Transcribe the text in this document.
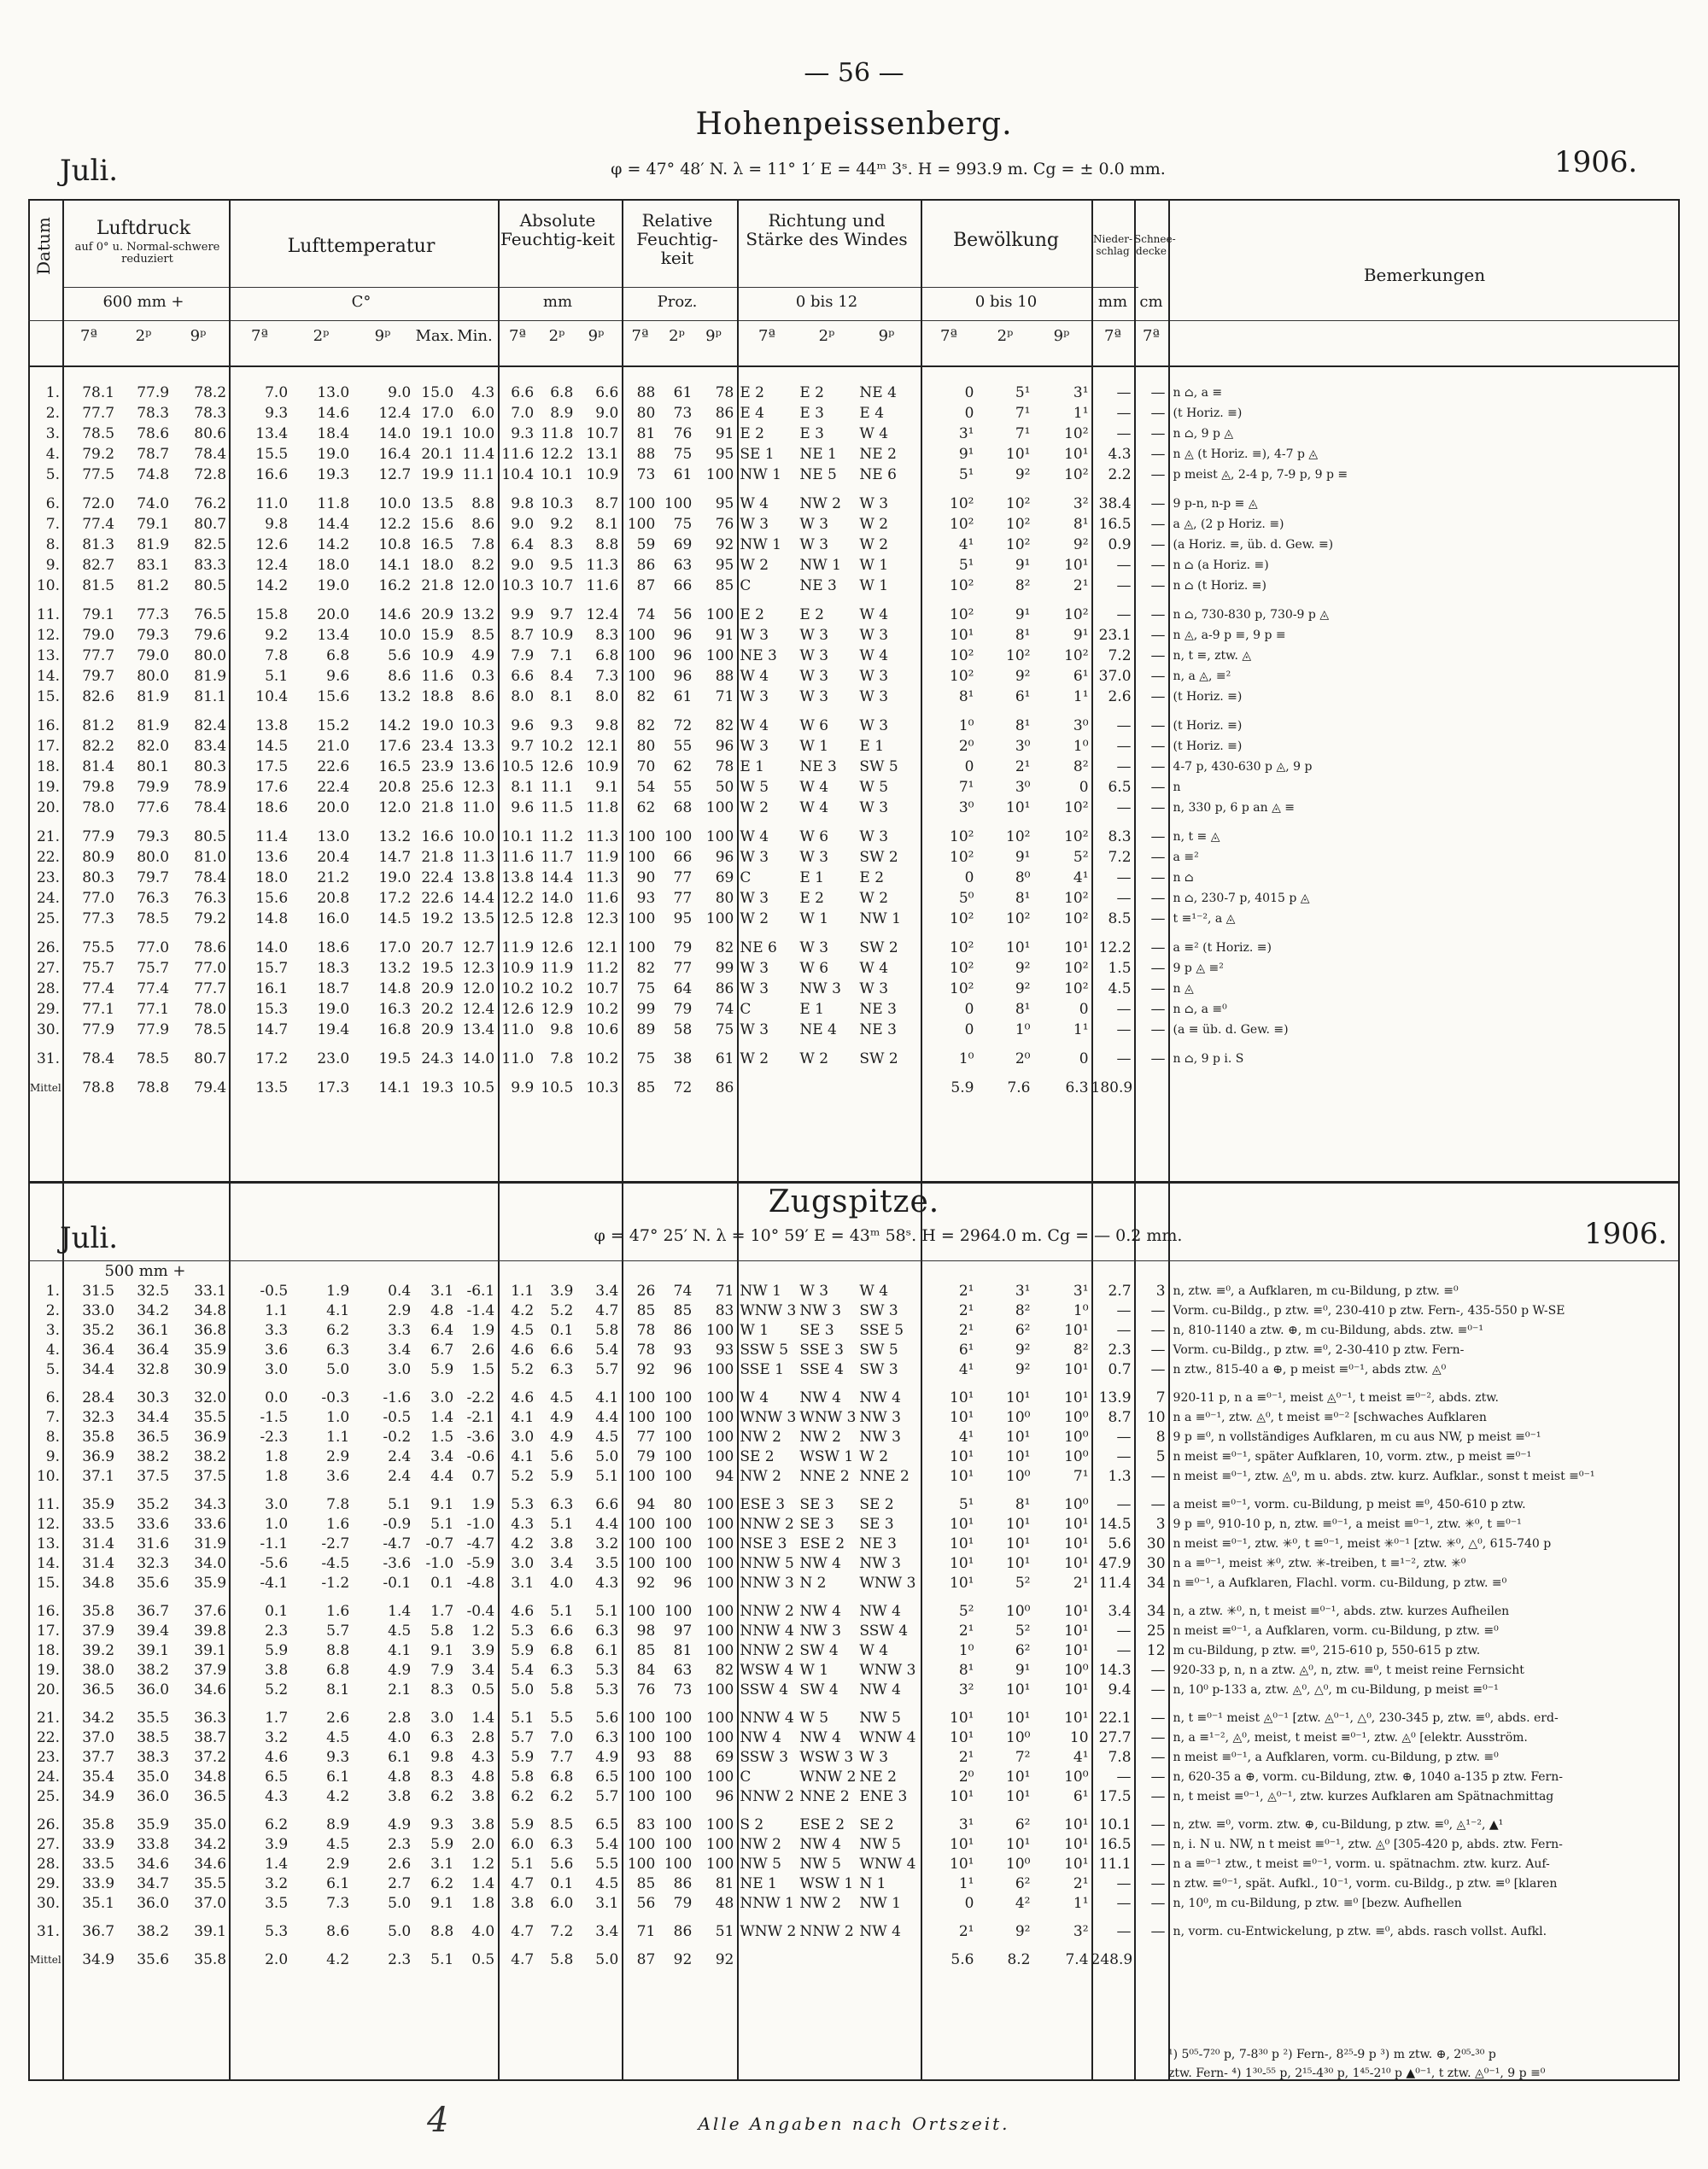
— 56 —
Hohenpeissenberg.
Juli.	φ = 47° 48′ N. λ = 11° 1′ E = 44ᵐ 3ˢ. H = 993.9 m. Cg = ± 0.0 mm.	1906.
Datum	Luftdruck
auf 0° u. Normal-schwere reduziert
600 mm +
Lufttemperatur
C°
Absolute Feuchtig-keit
mm
Relative Feuchtig-keit
Proz.
Richtung und Stärke des Windes
0 bis 12
Bewölkung
0 bis 10
Nieder-schlag
mm
Schnee-decke
cm
Bemerkungen
7ª	2ᵖ	9ᵖ	7ª	2ᵖ	9ᵖ	Max. Min.	7ª	2ᵖ	9ᵖ	7ª	2ᵖ	9ᵖ	7ª	2ᵖ	9ᵖ	7ª	2ᵖ	9ᵖ	7ª	7ª
1.	78.1	77.9	78.2	7.0	13.0	9.0	15.0	4.3	6.6	6.8	6.6	88	61	78	E 2	E 2	NE 4	0	5¹	3¹	—	—	n ⌂, a ≡
2.	77.7	78.3	78.3	9.3	14.6	12.4	17.0	6.0	7.0	8.9	9.0	80	73	86	E 4	E 3	E 4	0	7¹	1¹	—	—	(t Horiz. ≡)
3.	78.5	78.6	80.6	13.4	18.4	14.0	19.1	10.0	9.3	11.8	10.7	81	76	91	E 2	E 3	W 4	3¹	7¹	10²	—	—	n ⌂, 9 p ◬
4.	79.2	78.7	78.4	15.5	19.0	16.4	20.1	11.4	11.6	12.2	13.1	88	75	95	SE 1	NE 1	NE 2	9¹	10¹	10¹	4.3	—	n ◬ (t Horiz. ≡), 4-7 p ◬
5.	77.5	74.8	72.8	16.6	19.3	12.7	19.9	11.1	10.4	10.1	10.9	73	61	100	NW 1	NE 5	NE 6	5¹	9²	10²	2.2	—	p meist ◬, 2-4 p, 7-9 p, 9 p ≡
6.	72.0	74.0	76.2	11.0	11.8	10.0	13.5	8.8	9.8	10.3	8.7	100	100	95	W 4	NW 2	W 3	10²	10²	3²	38.4	—	9 p-n, n-p ≡ ◬
7.	77.4	79.1	80.7	9.8	14.4	12.2	15.6	8.6	9.0	9.2	8.1	100	75	76	W 3	W 3	W 2	10²	10²	8¹	16.5	—	a ◬, (2 p Horiz. ≡)
8.	81.3	81.9	82.5	12.6	14.2	10.8	16.5	7.8	6.4	8.3	8.8	59	69	92	NW 1	W 3	W 2	4¹	10²	9²	0.9	—	(a Horiz. ≡, üb. d. Gew. ≡)
9.	82.7	83.1	83.3	12.4	18.0	14.1	18.0	8.2	9.0	9.5	11.3	86	63	95	W 2	NW 1	W 1	5¹	9¹	10¹	—	—	n ⌂ (a Horiz. ≡)
10.	81.5	81.2	80.5	14.2	19.0	16.2	21.8	12.0	10.3	10.7	11.6	87	66	85	C	NE 3	W 1	10²	8²	2¹	—	—	n ⌂ (t Horiz. ≡)
11.	79.1	77.3	76.5	15.8	20.0	14.6	20.9	13.2	9.9	9.7	12.4	74	56	100	E 2	E 2	W 4	10²	9¹	10²	—	—	n ⌂, 730-830 p, 730-9 p ◬
12.	79.0	79.3	79.6	9.2	13.4	10.0	15.9	8.5	8.7	10.9	8.3	100	96	91	W 3	W 3	W 3	10¹	8¹	9¹	23.1	—	n ◬, a-9 p ≡, 9 p ≡
13.	77.7	79.0	80.0	7.8	6.8	5.6	10.9	4.9	7.9	7.1	6.8	100	96	100	NE 3	W 3	W 4	10²	10²	10²	7.2	—	n, t ≡, ztw. ◬
14.	79.7	80.0	81.9	5.1	9.6	8.6	11.6	0.3	6.6	8.4	7.3	100	96	88	W 4	W 3	W 3	10²	9²	6¹	37.0	—	n, a ◬, ≡²
15.	82.6	81.9	81.1	10.4	15.6	13.2	18.8	8.6	8.0	8.1	8.0	82	61	71	W 3	W 3	W 3	8¹	6¹	1¹	2.6	—	(t Horiz. ≡)
16.	81.2	81.9	82.4	13.8	15.2	14.2	19.0	10.3	9.6	9.3	9.8	82	72	82	W 4	W 6	W 3	1⁰	8¹	3⁰	—	—	(t Horiz. ≡)
17.	82.2	82.0	83.4	14.5	21.0	17.6	23.4	13.3	9.7	10.2	12.1	80	55	96	W 3	W 1	E 1	2⁰	3⁰	1⁰	—	—	(t Horiz. ≡)
18.	81.4	80.1	80.3	17.5	22.6	16.5	23.9	13.6	10.5	12.6	10.9	70	62	78	E 1	NE 3	SW 5	0	2¹	8²	—	—	4-7 p, 430-630 p ◬, 9 p
19.	79.8	79.9	78.9	17.6	22.4	20.8	25.6	12.3	8.1	11.1	9.1	54	55	50	W 5	W 4	W 5	7¹	3⁰	0	6.5	—	n
20.	78.0	77.6	78.4	18.6	20.0	12.0	21.8	11.0	9.6	11.5	11.8	62	68	100	W 2	W 4	W 3	3⁰	10¹	10²	—	—	n, 330 p, 6 p an ◬ ≡
21.	77.9	79.3	80.5	11.4	13.0	13.2	16.6	10.0	10.1	11.2	11.3	100	100	100	W 4	W 6	W 3	10²	10²	10²	8.3	—	n, t ≡ ◬
22.	80.9	80.0	81.0	13.6	20.4	14.7	21.8	11.3	11.6	11.7	11.9	100	66	96	W 3	W 3	SW 2	10²	9¹	5²	7.2	—	a ≡²
23.	80.3	79.7	78.4	18.0	21.2	19.0	22.4	13.8	13.8	14.4	11.3	90	77	69	C	E 1	E 2	0	8⁰	4¹	—	—	n ⌂
24.	77.0	76.3	76.3	15.6	20.8	17.2	22.6	14.4	12.2	14.0	11.6	93	77	80	W 3	E 2	W 2	5⁰	8¹	10²	—	—	n ⌂, 230-7 p, 4015 p ◬
25.	77.3	78.5	79.2	14.8	16.0	14.5	19.2	13.5	12.5	12.8	12.3	100	95	100	W 2	W 1	NW 1	10²	10²	10²	8.5	—	t ≡¹⁻², a ◬
26.	75.5	77.0	78.6	14.0	18.6	17.0	20.7	12.7	11.9	12.6	12.1	100	79	82	NE 6	W 3	SW 2	10²	10¹	10¹	12.2	—	a ≡² (t Horiz. ≡)
27.	75.7	75.7	77.0	15.7	18.3	13.2	19.5	12.3	10.9	11.9	11.2	82	77	99	W 3	W 6	W 4	10²	9²	10²	1.5	—	9 p ◬ ≡²
28.	77.4	77.4	77.7	16.1	18.7	14.8	20.9	12.0	10.2	10.2	10.7	75	64	86	W 3	NW 3	W 3	10²	9²	10²	4.5	—	n ◬
29.	77.1	77.1	78.0	15.3	19.0	16.3	20.2	12.4	12.6	12.9	10.2	99	79	74	C	E 1	NE 3	0	8¹	0	—	—	n ⌂, a ≡⁰
30.	77.9	77.9	78.5	14.7	19.4	16.8	20.9	13.4	11.0	9.8	10.6	89	58	75	W 3	NE 4	NE 3	0	1⁰	1¹	—	—	(a ≡ üb. d. Gew. ≡)
31.	78.4	78.5	80.7	17.2	23.0	19.5	24.3	14.0	11.0	7.8	10.2	75	38	61	W 2	W 2	SW 2	1⁰	2⁰	0	—	—	n ⌂, 9 p i. S
Mittel	78.8	78.8	79.4	13.5	17.3	14.1	19.3	10.5	9.9	10.5	10.3	85	72	86				5.9	7.6	6.3	180.9		
Zugspitze.
Juli.	φ = 47° 25′ N. λ = 10° 59′ E = 43ᵐ 58ˢ. H = 2964.0 m. Cg = — 0.2 mm.	1906.
500 mm +
1.	31.5	32.5	33.1	-0.5	1.9	0.4	3.1	-6.1	1.1	3.9	3.4	26	74	71	NW 1	W 3	W 4	2¹	3¹	3¹	2.7	3	n, ztw. ≡⁰, a Aufklaren, m cu-Bildung, p ztw. ≡⁰
2.	33.0	34.2	34.8	1.1	4.1	2.9	4.8	-1.4	4.2	5.2	4.7	85	85	83	WNW 3	NW 3	SW 3	2¹	8²	1⁰	—	—	Vorm. cu-Bildg., p ztw. ≡⁰, 230-410 p ztw. Fern-, 435-550 p W-SE
3.	35.2	36.1	36.8	3.3	6.2	3.3	6.4	1.9	4.5	0.1	5.8	78	86	100	W 1	SE 3	SSE 5	2¹	6²	10¹	—	—	n, 810-1140 a ztw. ⊕, m cu-Bildung, abds. ztw. ≡⁰⁻¹
4.	36.4	36.4	35.9	3.6	6.3	3.4	6.7	2.6	4.6	6.6	5.4	78	93	93	SSW 5	SSE 3	SW 5	6¹	9²	8²	2.3	—	Vorm. cu-Bildg., p ztw. ≡⁰, 2-30-410 p ztw. Fern-
5.	34.4	32.8	30.9	3.0	5.0	3.0	5.9	1.5	5.2	6.3	5.7	92	96	100	SSE 1	SSE 4	SW 3	4¹	9²	10¹	0.7	—	n ztw., 815-40 a ⊕, p meist ≡⁰⁻¹, abds ztw. ◬⁰
6.	28.4	30.3	32.0	0.0	-0.3	-1.6	3.0	-2.2	4.6	4.5	4.1	100	100	100	W 4	NW 4	NW 4	10¹	10¹	10¹	13.9	7	920-11 p, n a ≡⁰⁻¹, meist ◬⁰⁻¹, t meist ≡⁰⁻², abds. ztw.
7.	32.3	34.4	35.5	-1.5	1.0	-0.5	1.4	-2.1	4.1	4.9	4.4	100	100	100	WNW 3	WNW 3	NW 3	10¹	10⁰	10⁰	8.7	10	n a ≡⁰⁻¹, ztw. ◬⁰, t meist ≡⁰⁻² [schwaches Aufklaren
8.	35.8	36.5	36.9	-2.3	1.1	-0.2	1.5	-3.6	3.0	4.9	4.5	77	100	100	NW 2	NW 2	NW 3	4¹	10¹	10⁰	—	8	9 p ≡⁰, n vollständiges Aufklaren, m cu aus NW, p meist ≡⁰⁻¹
9.	36.9	38.2	38.2	1.8	2.9	2.4	3.4	-0.6	4.1	5.6	5.0	79	100	100	SE 2	WSW 1	W 2	10¹	10¹	10⁰	—	5	n meist ≡⁰⁻¹, später Aufklaren, 10, vorm. ztw., p meist ≡⁰⁻¹
10.	37.1	37.5	37.5	1.8	3.6	2.4	4.4	0.7	5.2	5.9	5.1	100	100	94	NW 2	NNE 2	NNE 2	10¹	10⁰	7¹	1.3	—	n meist ≡⁰⁻¹, ztw. ◬⁰, m u. abds. ztw. kurz. Aufklar., sonst t meist ≡⁰⁻¹
11.	35.9	35.2	34.3	3.0	7.8	5.1	9.1	1.9	5.3	6.3	6.6	94	80	100	ESE 3	SE 3	SE 2	5¹	8¹	10⁰	—	—	a meist ≡⁰⁻¹, vorm. cu-Bildung, p meist ≡⁰, 450-610 p ztw.
12.	33.5	33.6	33.6	1.0	1.6	-0.9	5.1	-1.0	4.3	5.1	4.4	100	100	100	NNW 2	SE 3	SE 3	10¹	10¹	10¹	14.5	3	9 p ≡⁰, 910-10 p, n, ztw. ≡⁰⁻¹, a meist ≡⁰⁻¹, ztw. ✳⁰, t ≡⁰⁻¹
13.	31.4	31.6	31.9	-1.1	-2.7	-4.7	-0.7	-4.7	4.2	3.8	3.2	100	100	100	NSE 3	ESE 2	NE 3	10¹	10¹	10¹	5.6	30	n meist ≡⁰⁻¹, ztw. ✳⁰, t ≡⁰⁻¹, meist ✳⁰⁻¹ [ztw. ✳⁰, △⁰, 615-740 p
14.	31.4	32.3	34.0	-5.6	-4.5	-3.6	-1.0	-5.9	3.0	3.4	3.5	100	100	100	NNW 5	NW 4	NW 3	10¹	10¹	10¹	47.9	30	n a ≡⁰⁻¹, meist ✳⁰, ztw. ✳-treiben, t ≡¹⁻², ztw. ✳⁰
15.	34.8	35.6	35.9	-4.1	-1.2	-0.1	0.1	-4.8	3.1	4.0	4.3	92	96	100	NNW 3	N 2	WNW 3	10¹	5²	2¹	11.4	34	n ≡⁰⁻¹, a Aufklaren, Flachl. vorm. cu-Bildung, p ztw. ≡⁰
16.	35.8	36.7	37.6	0.1	1.6	1.4	1.7	-0.4	4.6	5.1	5.1	100	100	100	NNW 2	NW 4	NW 4	5²	10⁰	10¹	3.4	34	n, a ztw. ✳⁰, n, t meist ≡⁰⁻¹, abds. ztw. kurzes Aufheilen
17.	37.9	39.4	39.8	2.3	5.7	4.5	5.8	1.2	5.3	6.6	6.3	98	97	100	NNW 4	NW 3	SSW 4	2¹	5²	10¹	—	25	n meist ≡⁰⁻¹, a Aufklaren, vorm. cu-Bildung, p ztw. ≡⁰
18.	39.2	39.1	39.1	5.9	8.8	4.1	9.1	3.9	5.9	6.8	6.1	85	81	100	NNW 2	SW 4	W 4	1⁰	6²	10¹	—	12	m cu-Bildung, p ztw. ≡⁰, 215-610 p, 550-615 p ztw.
19.	38.0	38.2	37.9	3.8	6.8	4.9	7.9	3.4	5.4	6.3	5.3	84	63	82	WSW 4	W 1	WNW 3	8¹	9¹	10⁰	14.3	—	920-33 p, n, n a ztw. ◬⁰, n, ztw. ≡⁰, t meist reine Fernsicht
20.	36.5	36.0	34.6	5.2	8.1	2.1	8.3	0.5	5.0	5.8	5.3	76	73	100	SSW 4	SW 4	NW 4	3²	10¹	10¹	9.4	—	n, 10⁰ p-133 a, ztw. ◬⁰, △⁰, m cu-Bildung, p meist ≡⁰⁻¹
21.	34.2	35.5	36.3	1.7	2.6	2.8	3.0	1.4	5.1	5.5	5.6	100	100	100	NNW 4	W 5	NW 5	10¹	10¹	10¹	22.1	—	n, t ≡⁰⁻¹ meist ◬⁰⁻¹ [ztw. ◬⁰⁻¹, △⁰, 230-345 p, ztw. ≡⁰, abds. erd-
22.	37.0	38.5	38.7	3.2	4.5	4.0	6.3	2.8	5.7	7.0	6.3	100	100	100	NW 4	NW 4	WNW 4	10¹	10⁰	10	27.7	—	n, a ≡¹⁻², ◬⁰, meist, t meist ≡⁰⁻¹, ztw. ◬⁰ [elektr. Ausström.
23.	37.7	38.3	37.2	4.6	9.3	6.1	9.8	4.3	5.9	7.7	4.9	93	88	69	SSW 3	WSW 3	W 3	2¹	7²	4¹	7.8	—	n meist ≡⁰⁻¹, a Aufklaren, vorm. cu-Bildung, p ztw. ≡⁰
24.	35.4	35.0	34.8	6.5	6.1	4.8	8.3	4.8	5.8	6.8	6.5	100	100	100	C	WNW 2	NE 2	2⁰	10¹	10⁰	—	—	n, 620-35 a ⊕, vorm. cu-Bildung, ztw. ⊕, 1040 a-135 p ztw. Fern-
25.	34.9	36.0	36.5	4.3	4.2	3.8	6.2	3.8	6.2	6.2	5.7	100	100	96	NNW 2	NNE 2	ENE 3	10¹	10¹	6¹	17.5	—	n, t meist ≡⁰⁻¹, ◬⁰⁻¹, ztw. kurzes Aufklaren am Spätnachmittag
26.	35.8	35.9	35.0	6.2	8.9	4.9	9.3	3.8	5.9	8.5	6.5	83	100	100	S 2	ESE 2	SE 2	3¹	6²	10¹	10.1	—	n, ztw. ≡⁰, vorm. ztw. ⊕, cu-Bildung, p ztw. ≡⁰, ◬¹⁻², ▲¹
27.	33.9	33.8	34.2	3.9	4.5	2.3	5.9	2.0	6.0	6.3	5.4	100	100	100	NW 2	NW 4	NW 5	10¹	10¹	10¹	16.5	—	n, i. N u. NW, n t meist ≡⁰⁻¹, ztw. ◬⁰ [305-420 p, abds. ztw. Fern-
28.	33.5	34.6	34.6	1.4	2.9	2.6	3.1	1.2	5.1	5.6	5.5	100	100	100	NW 5	NW 5	WNW 4	10¹	10⁰	10¹	11.1	—	n a ≡⁰⁻¹ ztw., t meist ≡⁰⁻¹, vorm. u. spätnachm. ztw. kurz. Auf-
29.	33.9	34.7	35.5	3.2	6.1	2.7	6.2	1.4	4.7	0.1	4.5	85	86	81	NE 1	WSW 1	N 1	1¹	6²	2¹	—	—	n ztw. ≡⁰⁻¹, spät. Aufkl., 10⁻¹, vorm. cu-Bildg., p ztw. ≡⁰ [klaren
30.	35.1	36.0	37.0	3.5	7.3	5.0	9.1	1.8	3.8	6.0	3.1	56	79	48	NNW 1	NW 2	NW 1	0	4²	1¹	—	—	n, 10⁰, m cu-Bildung, p ztw. ≡⁰ [bezw. Aufhellen
31.	36.7	38.2	39.1	5.3	8.6	5.0	8.8	4.0	4.7	7.2	3.4	71	86	51	WNW 2	NNW 2	NW 4	2¹	9²	3²	—	—	n, vorm. cu-Entwickelung, p ztw. ≡⁰, abds. rasch vollst. Aufkl.
Mittel	34.9	35.6	35.8	2.0	4.2	2.3	5.1	0.5	4.7	5.8	5.0	87	92	92				5.6	8.2	7.4	248.9		
¹) 5⁰⁵-7²⁰ p, 7-8³⁰ p ²) Fern-, 8²⁵-9 p ³) m ztw. ⊕, 2⁰⁵-³⁰ p
ztw. Fern- ⁴) 1³⁰-⁵⁵ p, 2¹⁵-4³⁰ p, 1⁴⁵-2¹⁰ p ▲⁰⁻¹, t ztw. ◬⁰⁻¹, 9 p ≡⁰
4	Alle Angaben nach Ortszeit.
